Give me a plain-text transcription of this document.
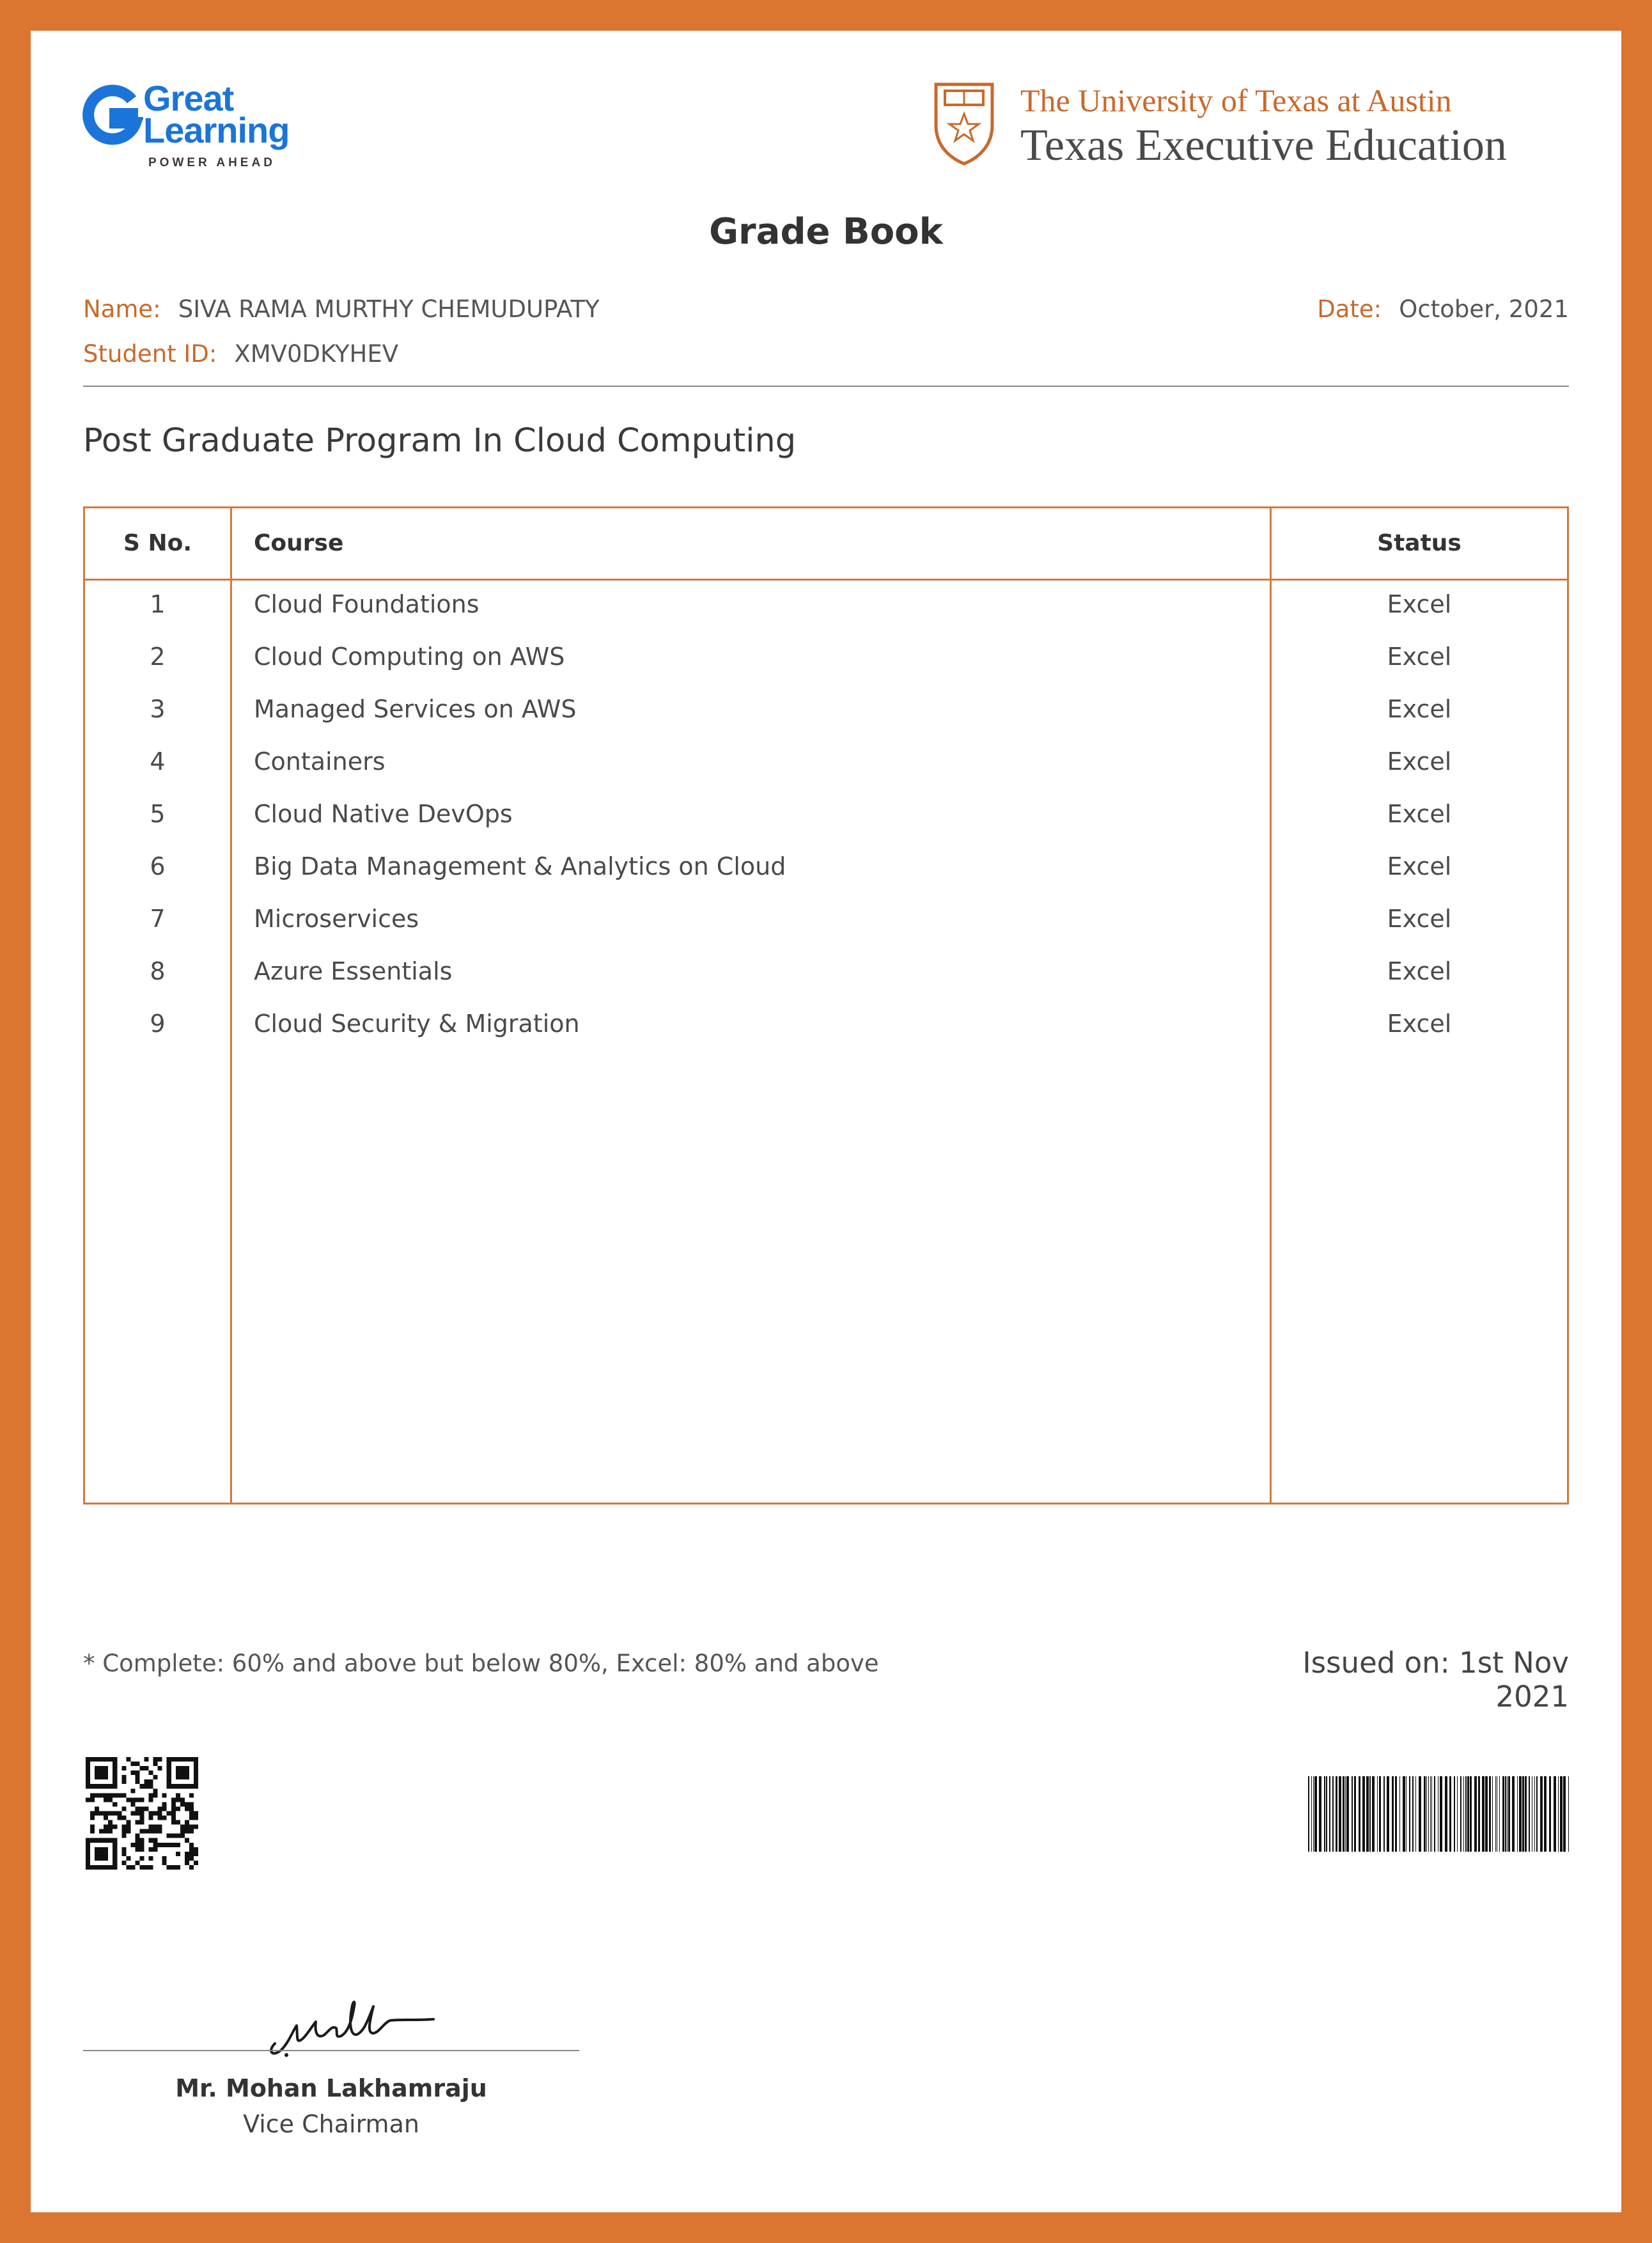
Great
Learning
POWER AHEAD
The University of Texas at Austin
Texas Executive Education
Grade Book
Name: SIVA RAMA MURTHY CHEMUDUPATY
Student ID: XMV0DKYHEV
Date: October, 2021
Post Graduate Program In Cloud Computing
S No.	Course	Status
1	Cloud Foundations	Excel
2	Cloud Computing on AWS	Excel
3	Managed Services on AWS	Excel
4	Containers	Excel
5	Cloud Native DevOps	Excel
6	Big Data Management & Analytics on Cloud	Excel
7	Microservices	Excel
8	Azure Essentials	Excel
9	Cloud Security & Migration	Excel
* Complete: 60% and above but below 80%, Excel: 80% and above	Issued on: 1st Nov 2021
Mr. Mohan Lakhamraju
Vice Chairman
